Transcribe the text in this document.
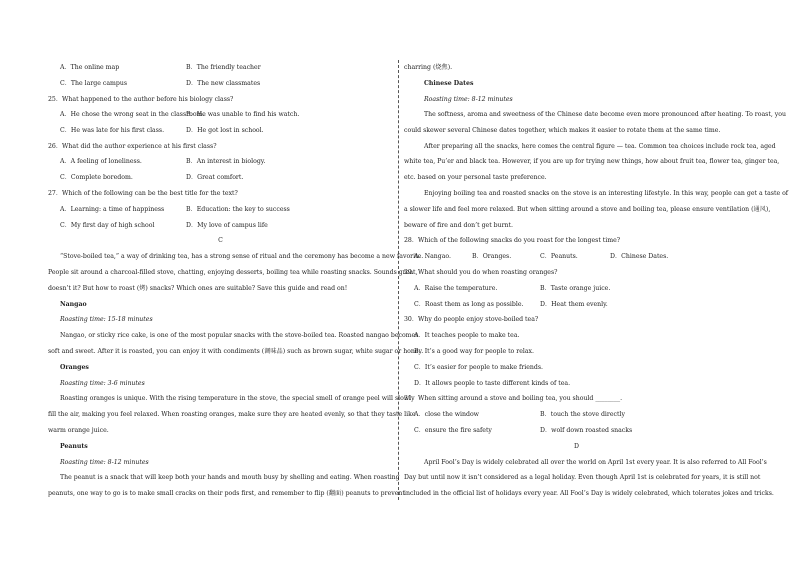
A．The online map	B．The friendly teacher
C．The large campus	D．The new classmates
25．What happened to the author before his biology class?
A．He chose the wrong seat in the classroom.
B．He was unable to find his watch.
C．He was late for his first class.	D．He got lost in school.
26．What did the author experience at his first class?
A．A feeling of loneliness.	B．An interest in biology.
C．Complete boredom.	D．Great comfort.
27．Which of the following can be the best title for the text?
A．Learning: a time of happiness	B．Education: the key to success
C．My first day of high school	D．My love of campus life
C
“Stove-boiled tea,” a way of drinking tea, has a strong sense of ritual and the ceremony has become a new favorite.
People sit around a charcoal-filled stove, chatting, enjoying desserts, boiling tea while roasting snacks. Sounds great,
doesn’t it? But how to roast (烤) snacks? Which ones are suitable? Save this guide and read on!
Nangao
Roasting time: 15-18 minutes
Nangao, or sticky rice cake, is one of the most popular snacks with the stove-boiled tea. Roasted nangao becomes
soft and sweet. After it is roasted, you can enjoy it with condiments (调味品) such as brown sugar, white sugar or honey.
Oranges
Roasting time: 3-6 minutes
Roasting oranges is unique. With the rising temperature in the stove, the special smell of orange peel will slowly
fill the air, making you feel relaxed. When roasting oranges, make sure they are heated evenly, so that they taste like
warm orange juice.
Peanuts
Roasting time: 8-12 minutes
The peanut is a snack that will keep both your hands and mouth busy by shelling and eating. When roasting
peanuts, one way to go is to make small cracks on their pods first, and remember to flip (翻面) peanuts to prevent
charring (烧焦).
Chinese Dates
Roasting time: 8-12 minutes
The softness, aroma and sweetness of the Chinese date become even more pronounced after heating. To roast, you
could skewer several Chinese dates together, which makes it easier to rotate them at the same time.
After preparing all the snacks, here comes the central figure — tea. Common tea choices include rock tea, aged
white tea, Pu’er and black tea. However, if you are up for trying new things, how about fruit tea, flower tea, ginger tea,
etc. based on your personal taste preference.
Enjoying boiling tea and roasted snacks on the stove is an interesting lifestyle. In this way, people can get a taste of
a slower life and feel more relaxed. But when sitting around a stove and boiling tea, please ensure ventilation (通风),
beware of fire and don’t get burnt.
28．Which of the following snacks do you roast for the longest time?
A．Nangao.	B．Oranges.	C．Peanuts.	D．Chinese Dates.
29．What should you do when roasting oranges?
A．Raise the temperature.	B．Taste orange juice.
C．Roast them as long as possible.	D．Heat them evenly.
30．Why do people enjoy stove-boiled tea?
A．It teaches people to make tea.
B．It’s a good way for people to relax.
C．It’s easier for people to make friends.
D．It allows people to taste different kinds of tea.
31．When sitting around a stove and boiling tea, you should ________.
A．close the window	B．touch the stove directly
C．ensure the fire safety	D．wolf down roasted snacks
D
April Fool’s Day is widely celebrated all over the world on April 1st every year. It is also referred to All Fool’s
Day but until now it isn’t considered as a legal holiday. Even though April 1st is celebrated for years, it is still not
included in the official list of holidays every year. All Fool’s Day is widely celebrated, which tolerates jokes and tricks.
